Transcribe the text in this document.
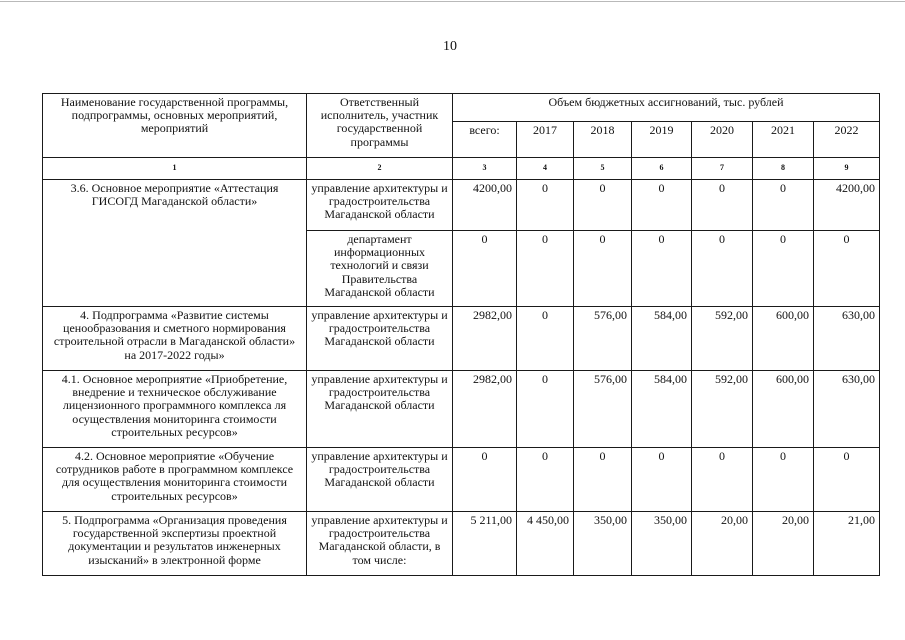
10
Наименование государственной программы, подпрограммы, основных мероприятий, мероприятий	Ответственный исполнитель, участник государственной программы	Объем бюджетных ассигнований, тыс. рублей						
		всего:	2017	2018	2019	2020	2021	2022
1	2	3	4	5	6	7	8	9
3.6. Основное мероприятие «Аттестация ГИСОГД Магаданской области»	управление архитектуры и градостроительства Магаданской области	4200,00	0	0	0	0	0	4200,00
	департамент информационных технологий и связи Правительства Магаданской области	0	0	0	0	0	0	0
4. Подпрограмма «Развитие системы ценообразования и сметного нормирования строительной отрасли в Магаданской области» на 2017-2022 годы»	управление архитектуры и градостроительства Магаданской области	2982,00	0	576,00	584,00	592,00	600,00	630,00
4.1. Основное мероприятие «Приобретение, внедрение и техническое обслуживание лицензионного программного комплекса ля осуществления мониторинга стоимости строительных ресурсов»	управление архитектуры и градостроительства Магаданской области	2982,00	0	576,00	584,00	592,00	600,00	630,00
4.2. Основное мероприятие «Обучение сотрудников работе в программном комплексе для осуществления мониторинга стоимости строительных ресурсов»	управление архитектуры и градостроительства Магаданской области	0	0	0	0	0	0	0
5. Подпрограмма «Организация проведения государственной экспертизы проектной документации и результатов инженерных изысканий» в электронной форме	управление архитектуры и градостроительства Магаданской области, в том числе:	5 211,00	4 450,00	350,00	350,00	20,00	20,00	21,00
